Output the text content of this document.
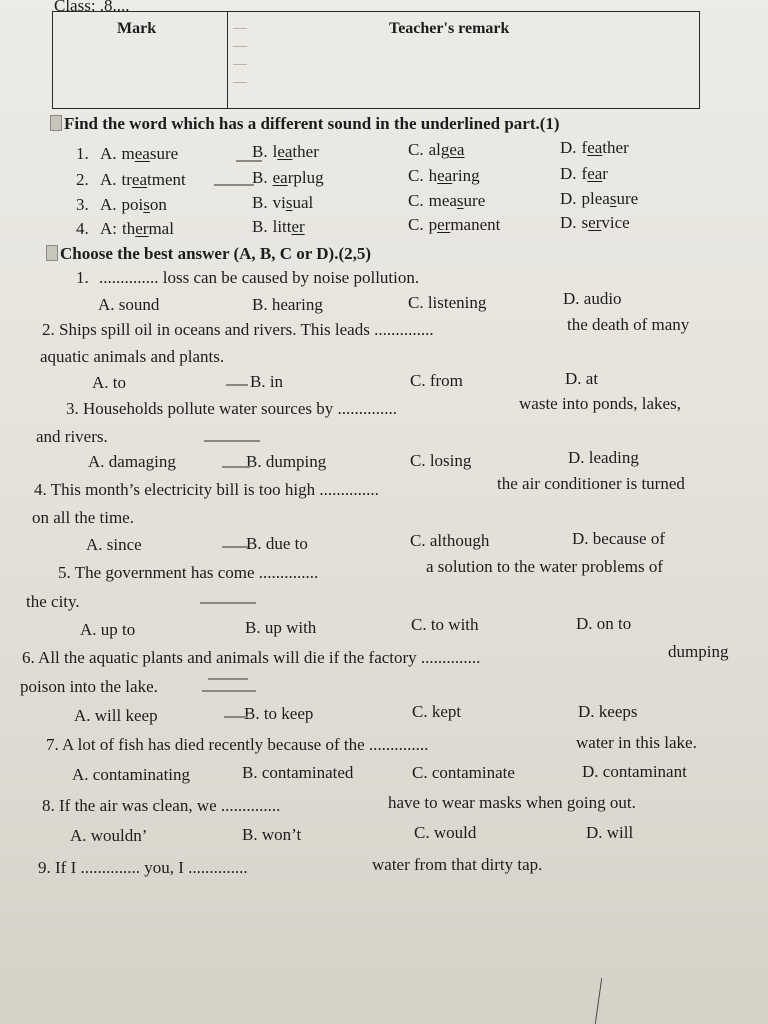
Class: .8....
Mark	Teacher's remark
Find the word which has a different sound in the underlined part.(1)
1. A. measure	B. leather	C. algea	D. feather
2. A. treatment	B. earplug	C. hearing	D. fear
3. A. poison	B. visual	C. measure	D. pleasure
4. A: thermal	B. litter	C. permanent	D. service
Choose the best answer (A, B, C or D).(2,5)
1. .............. loss can be caused by noise pollution.
A. sound	B. hearing	C. listening	D. audio
2. Ships spill oil in oceans and rivers. This leads ..............	the death of many
aquatic animals and plants.
A. to	B. in	C. from	D. at
3. Households pollute water sources by ..............	waste into ponds, lakes,
and rivers.
A. damaging	B. dumping	C. losing	D. leading
4. This month’s electricity bill is too high ..............	the air conditioner is turned
on all the time.
A. since	B. due to	C. although	D. because of
5. The government has come ..............	a solution to the water problems of
the city.
A. up to	B. up with	C. to with	D. on to
6. All the aquatic plants and animals will die if the factory ..............	dumping
poison into the lake.
A. will keep	B. to keep	C. kept	D. keeps
7. A lot of fish has died recently because of the ..............	water in this lake.
A. contaminating	B. contaminated	C. contaminate	D. contaminant
8. If the air was clean, we ..............	have to wear masks when going out.
A. wouldn’	B. won’t	C. would	D. will
9. If I .............. you, I ..............	water from that dirty tap.
